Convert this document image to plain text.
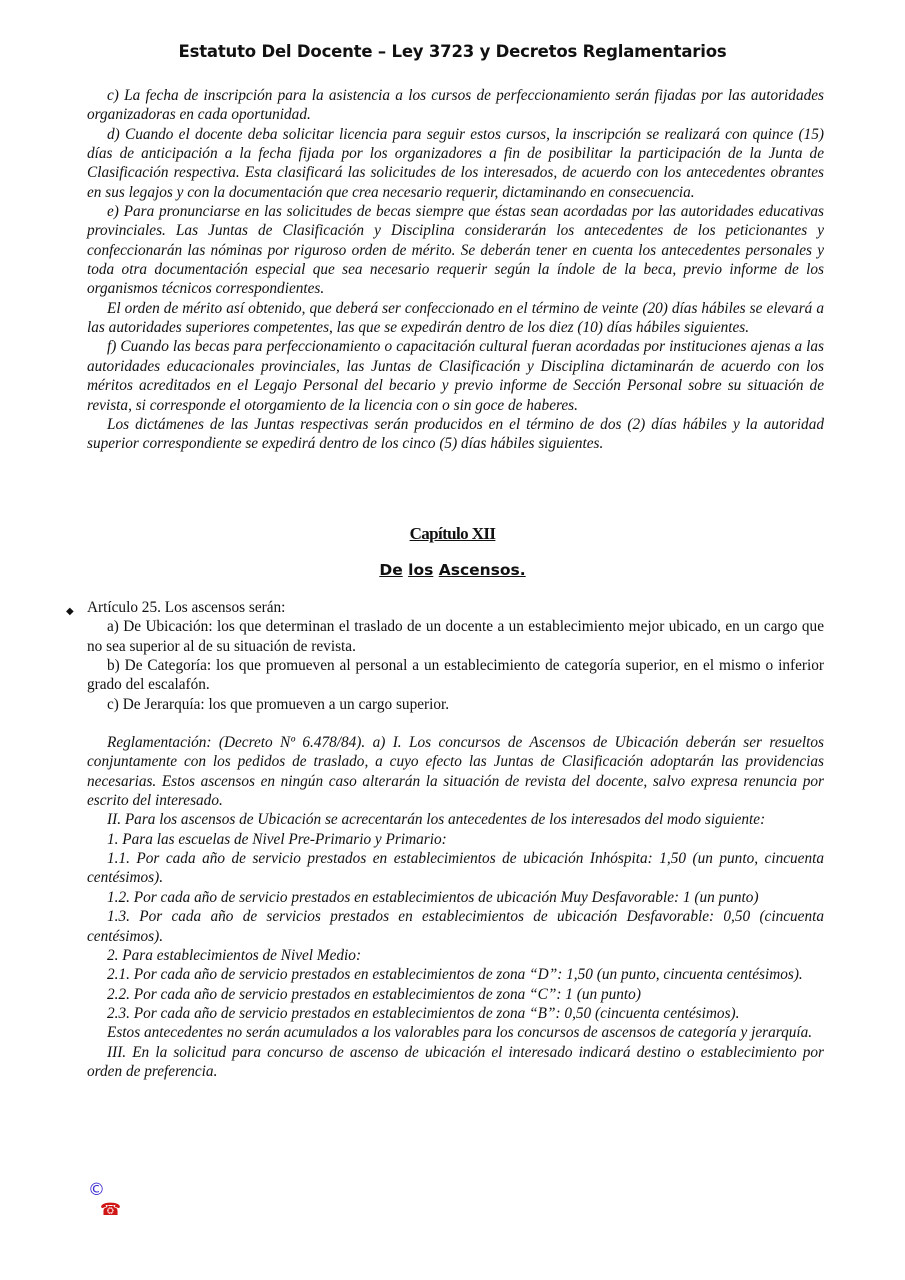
Estatuto Del Docente – Ley 3723 y Decretos Reglamentarios

c) La fecha de inscripción para la asistencia a los cursos de perfeccionamiento serán fijadas por las autoridades organizadoras en cada oportunidad.

d) Cuando el docente deba solicitar licencia para seguir estos cursos, la inscripción se realizará con quince (15) días de anticipación a la fecha fijada por los organizadores a fin de posibilitar la participación de la Junta de Clasificación respectiva. Esta clasificará las solicitudes de los interesados, de acuerdo con los antecedentes obrantes en sus legajos y con la documentación que crea necesario requerir, dictaminando en consecuencia.

e) Para pronunciarse en las solicitudes de becas siempre que éstas sean acordadas por las autoridades educativas provinciales. Las Juntas de Clasificación y Disciplina considerarán los antecedentes de los peticionantes y confeccionarán las nóminas por riguroso orden de mérito. Se deberán tener en cuenta los antecedentes personales y toda otra documentación especial que sea necesario requerir según la índole de la beca, previo informe de los organismos técnicos correspondientes.

El orden de mérito así obtenido, que deberá ser confeccionado en el término de veinte (20) días hábiles se elevará a las autoridades superiores competentes, las que se expedirán dentro de los diez (10) días hábiles siguientes.

f) Cuando las becas para perfeccionamiento o capacitación cultural fueran acordadas por instituciones ajenas a las autoridades educacionales provinciales, las Juntas de Clasificación y Disciplina dictaminarán de acuerdo con los méritos acreditados en el Legajo Personal del becario y previo informe de Sección Personal sobre su situación de revista, si corresponde el otorgamiento de la licencia con o sin goce de haberes.

Los dictámenes de las Juntas respectivas serán producidos en el término de dos (2) días hábiles y la autoridad superior correspondiente se expedirá dentro de los cinco (5) días hábiles siguientes.

Capítulo XII
De los Ascensos.
◆ Artículo 25. Los ascensos serán:

a) De Ubicación: los que determinan el traslado de un docente a un establecimiento mejor ubicado, en un cargo que no sea superior al de su situación de revista.

b) De Categoría: los que promueven al personal a un establecimiento de categoría superior, en el mismo o inferior grado del escalafón.

c) De Jerarquía: los que promueven a un cargo superior.

Reglamentación: (Decreto Nº 6.478/84). a) I. Los concursos de Ascensos de Ubicación deberán ser resueltos conjuntamente con los pedidos de traslado, a cuyo efecto las Juntas de Clasificación adoptarán las providencias necesarias. Estos ascensos en ningún caso alterarán la situación de revista del docente, salvo expresa renuncia por escrito del interesado.

II. Para los ascensos de Ubicación se acrecentarán los antecedentes de los interesados del modo siguiente:

1. Para las escuelas de Nivel Pre-Primario y Primario:

1.1. Por cada año de servicio prestados en establecimientos de ubicación Inhóspita: 1,50 (un punto, cincuenta centésimos).

1.2. Por cada año de servicio prestados en establecimientos de ubicación Muy Desfavorable: 1 (un punto)

1.3. Por cada año de servicios prestados en establecimientos de ubicación Desfavorable: 0,50 (cincuenta centésimos).

2. Para establecimientos de Nivel Medio:

2.1. Por cada año de servicio prestados en establecimientos de zona “D”: 1,50 (un punto, cincuenta centésimos).

2.2. Por cada año de servicio prestados en establecimientos de zona “C”: 1 (un punto)

2.3. Por cada año de servicio prestados en establecimientos de zona “B”: 0,50 (cincuenta centésimos).

Estos antecedentes no serán acumulados a los valorables para los concursos de ascensos de categoría y jerarquía.

III. En la solicitud para concurso de ascenso de ubicación el interesado indicará destino o establecimiento por orden de preferencia.

©
☎
